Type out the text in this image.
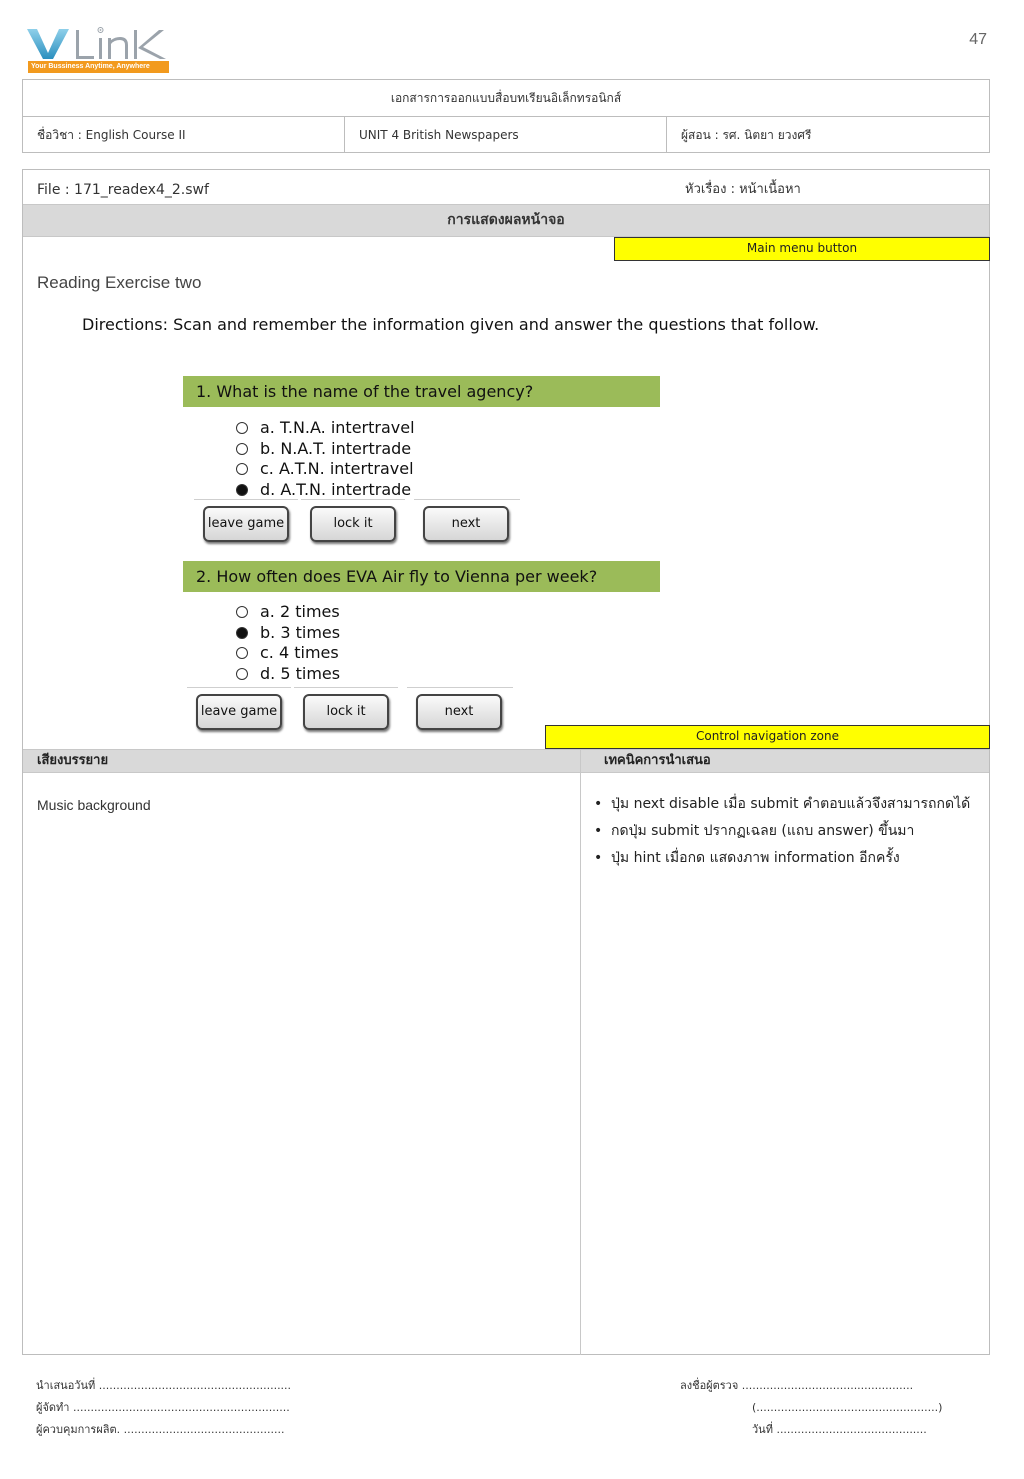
47
Your Bussiness Anytime, Anywhere
เอกสารการออกแบบสื่อบทเรียนอิเล็กทรอนิกส์
ชื่อวิชา : English Course II	UNIT 4 British Newspapers	ผู้สอน : รศ. นิตยา ยวงศรี
File : 171_readex4_2.swf	หัวเรื่อง : หน้าเนื้อหา
การแสดงผลหน้าจอ
Main menu button
Reading Exercise two
Directions: Scan and remember the information given and answer the questions that follow.
1. What is the name of the travel agency?
a. T.N.A. intertravel
b. N.A.T. intertrade
c. A.T.N. intertravel
d. A.T.N. intertrade
leave game	lock it	next
2. How often does EVA Air fly to Vienna per week?
a. 2 times
b. 3 times
c. 4 times
d. 5 times
leave game	lock it	next
Control navigation zone
เสียงบรรยาย	เทคนิคการนำเสนอ
Music background	• ปุ่ม next disable เมื่อ submit คำตอบแล้วจึงสามารถกดได้
• กดปุ่ม submit ปรากฏเฉลย (แถบ answer) ขึ้นมา
• ปุ่ม hint เมื่อกด แสดงภาพ information อีกครั้ง
นำเสนอวันที่ .......................................................
ผู้จัดทำ ..............................................................
ผู้ควบคุมการผลิต. ..............................................
ลงชื่อผู้ตรวจ .................................................
(....................................................)
วันที่ ...........................................
